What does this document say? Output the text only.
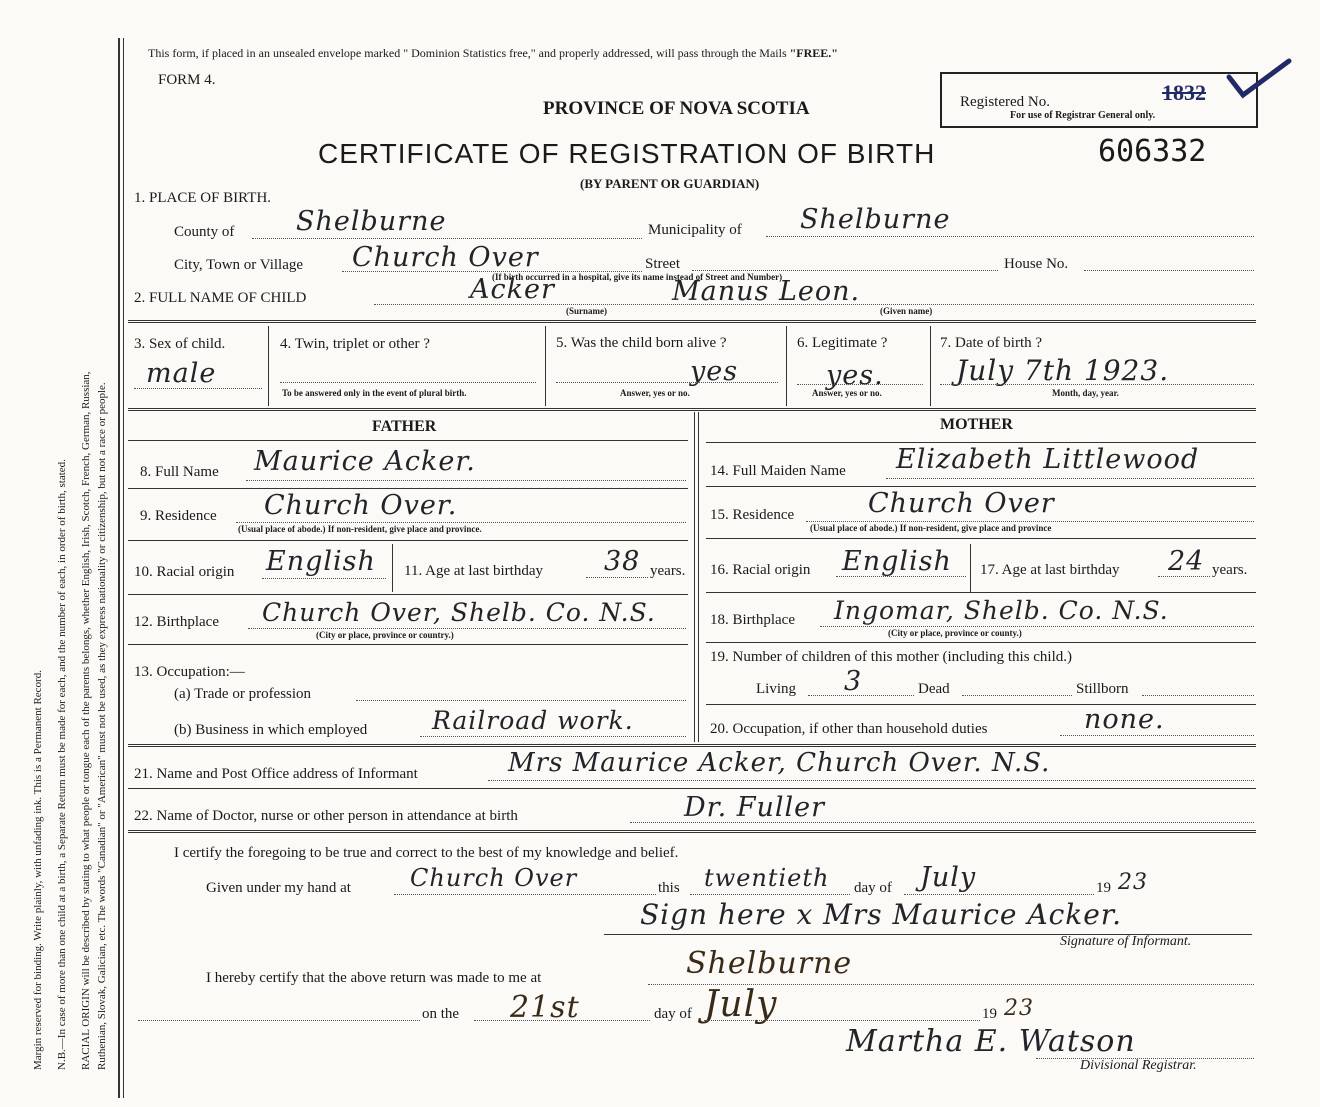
Margin reserved for binding. Write plainly, with unfading ink. This is a Permanent Record. N.B.—In case of more than one child at a birth, a Separate Return must be made for each, and the number of each, in order of birth, stated. RACIAL ORIGIN will be described by stating to what people or tongue each of the parents belongs, whether English, Irish, Scotch, French, German, Russian, Ruthenian, Slovak, Galician, etc. The words "Canadian" or "American" must not be used, as they express nationality or citizenship, but not a race or people.
This form, if placed in an unsealed envelope marked " Dominion Statistics free," and properly addressed, will pass through the Mails "FREE."
FORM 4.
PROVINCE OF NOVA SCOTIA	Registered No.	1832
For use of Registrar General only.
CERTIFICATE OF REGISTRATION OF BIRTH	606332
(BY PARENT OR GUARDIAN)
1. PLACE OF BIRTH.
County of Shelburne	Municipality of Shelburne
City, Town or Village Church Over	Street	House No.
(If birth occurred in a hospital, give its name instead of Street and Number)
2. FULL NAME OF CHILD	Acker	Manus Leon.
(Surname)	(Given name)
3. Sex of child.
male
4. Twin, triplet or other ?
To be answered only in the event of plural birth.
5. Was the child born alive ?
yes
Answer, yes or no.
6. Legitimate ?
yes.
Answer, yes or no.
7. Date of birth ?
July 7th 1923.
Month, day, year.
FATHER	MOTHER
8. Full Name Maurice Acker.	14. Full Maiden Name Elizabeth Littlewood
9. Residence Church Over.
(Usual place of abode.) If non-resident, give place and province.
15. Residence	Church Over
(Usual place of abode.) If non-resident, give place and province
10. Racial origin English 11. Age at last birthday 38 years. 16. Racial origin English 17. Age at last birthday 24 years.
12. Birthplace Church Over, Shelb. Co. N.S.
(City or place, province or country.)
18. Birthplace Ingomar, Shelb. Co. N.S.
(City or place, province or county.)
13. Occupation:—
(a) Trade or profession
(b) Business in which employed	Railroad work.
19. Number of children of this mother (including this child.)
Living 3	Dead	Stillborn
20. Occupation, if other than household duties	none.
21. Name and Post Office address of Informant	Mrs Maurice Acker, Church Over. N.S.
22. Name of Doctor, nurse or other person in attendance at birth	Dr. Fuller
I certify the foregoing to be true and correct to the best of my knowledge and belief.
Given under my hand at Church Over	this twentieth day of July	19 23
Sign here x Mrs Maurice Acker.
Signature of Informant.
I hereby certify that the above return was made to me at	Shelburne
on the 21st	day of July	19 23
Martha E. Watson
Divisional Registrar.
